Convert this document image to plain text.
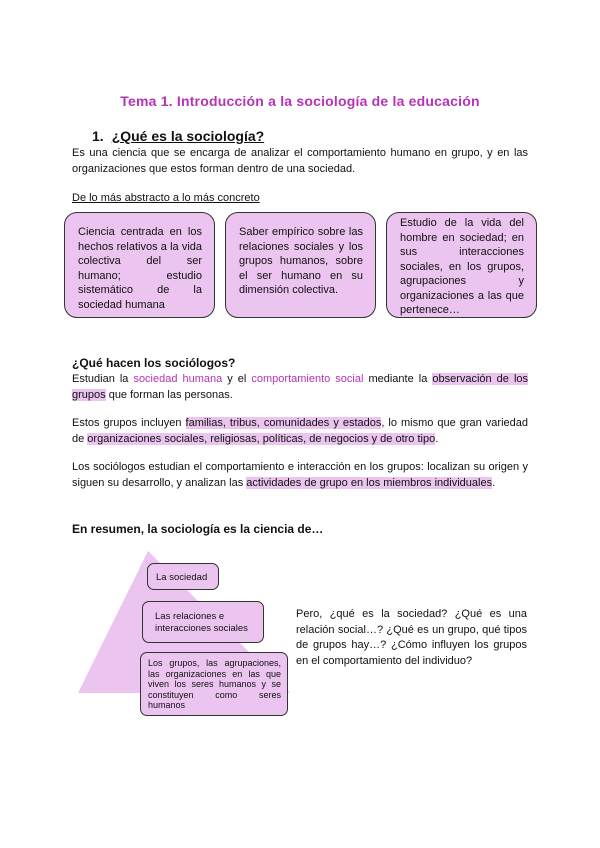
Tema 1. Introducción a la sociología de la educación
1. ¿Qué es la sociología?
Es una ciencia que se encarga de analizar el comportamiento humano en grupo, y en las organizaciones que estos forman dentro de una sociedad.
De lo más abstracto a lo más concreto
Ciencia centrada en los hechos relativos a la vida colectiva del ser humano; estudio sistemático de la sociedad humana
Saber empírico sobre las relaciones sociales y los grupos humanos, sobre el ser humano en su dimensión colectiva.
Estudio de la vida del hombre en sociedad; en sus interacciones sociales, en los grupos, agrupaciones y organizaciones a las que pertenece…
¿Qué hacen los sociólogos?
Estudian la sociedad humana y el comportamiento social mediante la observación de los grupos que forman las personas.
Estos grupos incluyen familias, tribus, comunidades y estados, lo mismo que gran variedad de organizaciones sociales, religiosas, políticas, de negocios y de otro tipo.
Los sociólogos estudian el comportamiento e interacción en los grupos: localizan su origen y siguen su desarrollo, y analizan las actividades de grupo en los miembros individuales.
En resumen, la sociología es la ciencia de…
La sociedad
Las relaciones e interacciones sociales
Los grupos, las agrupaciones, las organizaciones en las que viven los seres humanos y se constituyen como seres humanos
Pero, ¿qué es la sociedad? ¿Qué es una relación social…? ¿Qué es un grupo, qué tipos de grupos hay…? ¿Cómo influyen los grupos en el comportamiento del individuo?
